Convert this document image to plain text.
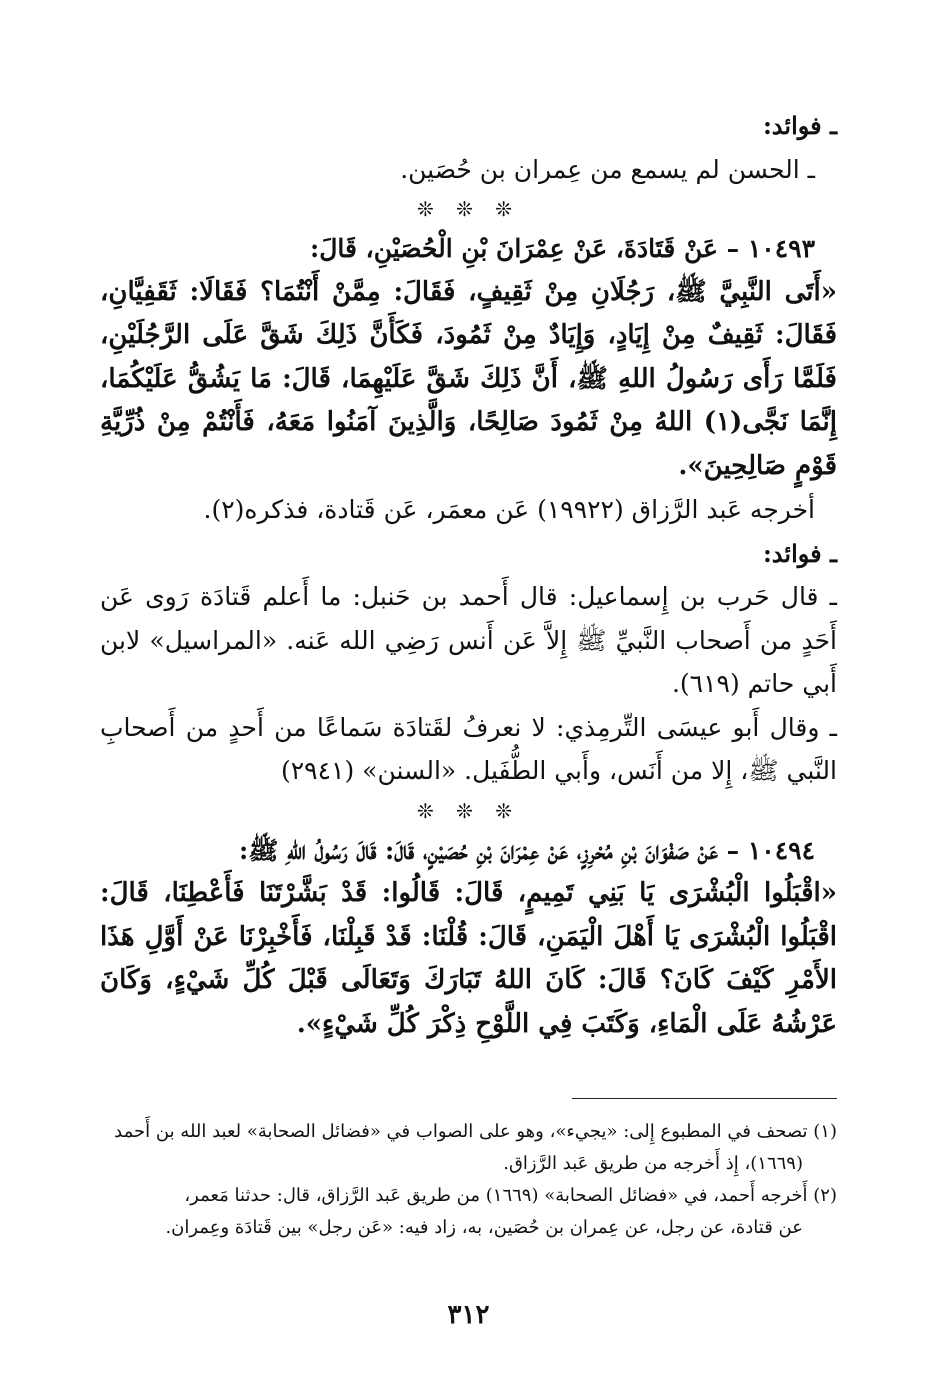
ـ فوائد:

ـ الحسن لم يسمع من عِمران بن حُصَين.

❊ ❊ ❊

١٠٤٩٣ – عَنْ قَتَادَةَ، عَنْ عِمْرَانَ بْنِ الْحُصَيْنِ، قَالَ:

«أَتَى النَّبِيَّ ﷺ، رَجُلَانِ مِنْ ثَقِيفٍ، فَقَالَ: مِمَّنْ أَنْتُمَا؟ فَقَالَا: ثَقَفِيَّانِ، فَقَالَ: ثَقِيفٌ مِنْ إِيَادٍ، وَإِيَادٌ مِنْ ثَمُودَ، فَكَأَنَّ ذَلِكَ شَقَّ عَلَى الرَّجُلَيْنِ، فَلَمَّا رَأَى رَسُولُ اللهِ ﷺ، أَنَّ ذَلِكَ شَقَّ عَلَيْهِمَا، قَالَ: مَا يَشُقُّ عَلَيْكُمَا، إِنَّمَا نَجَّى(١) اللهُ مِنْ ثَمُودَ صَالِحًا، وَالَّذِينَ آمَنُوا مَعَهُ، فَأَنْتُمْ مِنْ ذُرِّيَّةِ قَوْمٍ صَالِحِينَ».

أخرجه عَبد الرَّزاق (١٩٩٢٢) عَن معمَر، عَن قَتادة، فذكره(٢).

ـ فوائد:

ـ قال حَرب بن إِسماعيل: قال أَحمد بن حَنبل: ما أَعلم قَتادَة رَوى عَن أَحَدٍ من أَصحاب النَّبيِّ ﷺ إِلاَّ عَن أَنس رَضِي الله عَنه. «المراسيل» لابن أَبي حاتم (٦١٩).

ـ وقال أَبو عيسَى التِّرمِذي: لا نعرفُ لقَتادَة سَماعًا من أَحدٍ من أَصحابِ النَّبي ﷺ، إِلا من أَنَس، وأَبي الطُّفَيل. «السنن» (٢٩٤١)

❊ ❊ ❊

١٠٤٩٤ – عَنْ صَفْوَانَ بْنِ مُحْرِزٍ، عَنْ عِمْرَانَ بْنِ حُصَيْنٍ، قَالَ: قَالَ رَسُولُ اللهِ ﷺ:

«اقْبَلُوا الْبُشْرَى يَا بَنِي تَمِيمٍ، قَالَ: قَالُوا: قَدْ بَشَّرْتَنَا فَأَعْطِنَا، قَالَ: اقْبَلُوا الْبُشْرَى يَا أَهْلَ الْيَمَنِ، قَالَ: قُلْنَا: قَدْ قَبِلْنَا، فَأَخْبِرْنَا عَنْ أَوَّلِ هَذَا الأَمْرِ كَيْفَ كَانَ؟ قَالَ: كَانَ اللهُ تَبَارَكَ وَتَعَالَى قَبْلَ كُلِّ شَيْءٍ، وَكَانَ عَرْشُهُ عَلَى الْمَاءِ، وَكَتَبَ فِي اللَّوْحِ ذِكْرَ كُلِّ شَيْءٍ».

(١) تصحف في المطبوع إِلى: «يجيء»، وهو على الصواب في «فضائل الصحابة» لعبد الله بن أَحمد

(١٦٦٩)، إِذ أَخرجه من طريق عَبد الرَّزاق.

(٢) أَخرجه أَحمد، في «فضائل الصحابة» (١٦٦٩) من طريق عَبد الرَّزاق، قال: حدثنا مَعمر،

عن قتادة، عن رجل، عن عِمران بن حُصَين، به، زاد فيه: «عَن رجل» بين قَتادَة وعِمران.

٣١٢
